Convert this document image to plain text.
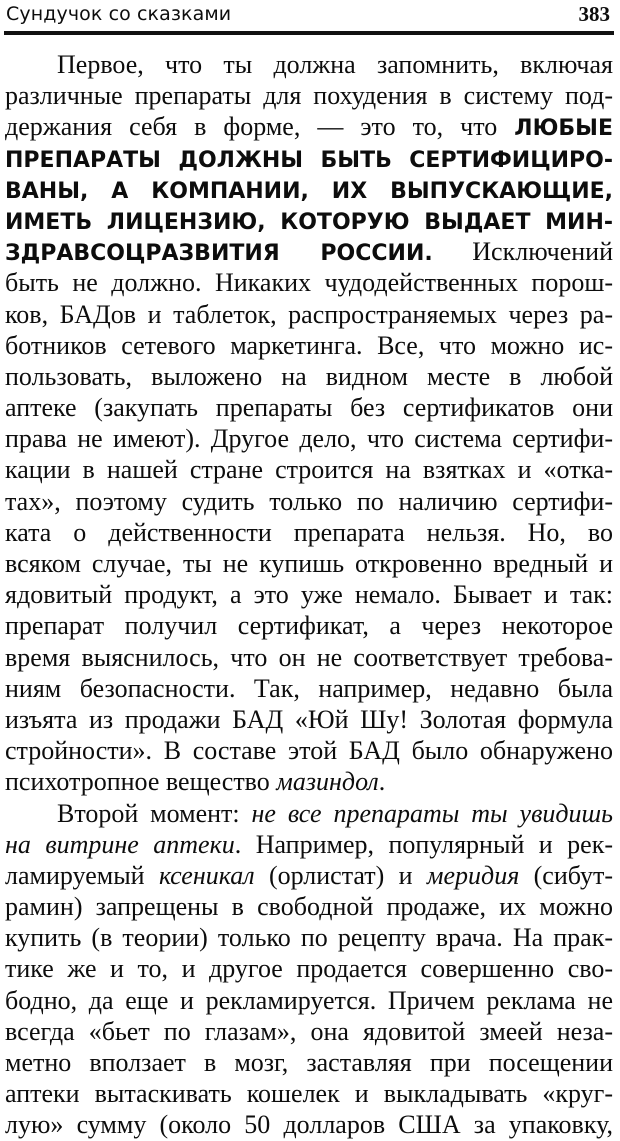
Сундучок со сказками	383
Первое, что ты должна запомнить, включая
различные препараты для похудения в систему под-
держания себя в форме, — это то, что ЛЮБЫЕ
ПРЕПАРАТЫ ДОЛЖНЫ БЫТЬ СЕРТИФИЦИРО-
ВАНЫ, А КОМПАНИИ, ИХ ВЫПУСКАЮЩИЕ,
ИМЕТЬ ЛИЦЕНЗИЮ, КОТОРУЮ ВЫДАЕТ МИН-
ЗДРАВСОЦРАЗВИТИЯ РОССИИ. Исключений
быть не должно. Никаких чудодейственных порош-
ков, БАДов и таблеток, распространяемых через ра-
ботников сетевого маркетинга. Все, что можно ис-
пользовать, выложено на видном месте в любой
аптеке (закупать препараты без сертификатов они
права не имеют). Другое дело, что система сертифи-
кации в нашей стране строится на взятках и «отка-
тах», поэтому судить только по наличию сертифи-
ката о действенности препарата нельзя. Но, во
всяком случае, ты не купишь откровенно вредный и
ядовитый продукт, а это уже немало. Бывает и так:
препарат получил сертификат, а через некоторое
время выяснилось, что он не соответствует требова-
ниям безопасности. Так, например, недавно была
изъята из продажи БАД «Юй Шу! Золотая формула
стройности». В составе этой БАД было обнаружено
психотропное вещество мазиндол.
Второй момент: не все препараты ты увидишь
на витрине аптеки. Например, популярный и рек-
ламируемый ксеникал (орлистат) и меридия (сибут-
рамин) запрещены в свободной продаже, их можно
купить (в теории) только по рецепту врача. На прак-
тике же и то, и другое продается совершенно сво-
бодно, да еще и рекламируется. Причем реклама не
всегда «бьет по глазам», она ядовитой змеей неза-
метно вползает в мозг, заставляя при посещении
аптеки вытаскивать кошелек и выкладывать «круг-
лую» сумму (около 50 долларов США за упаковку,
